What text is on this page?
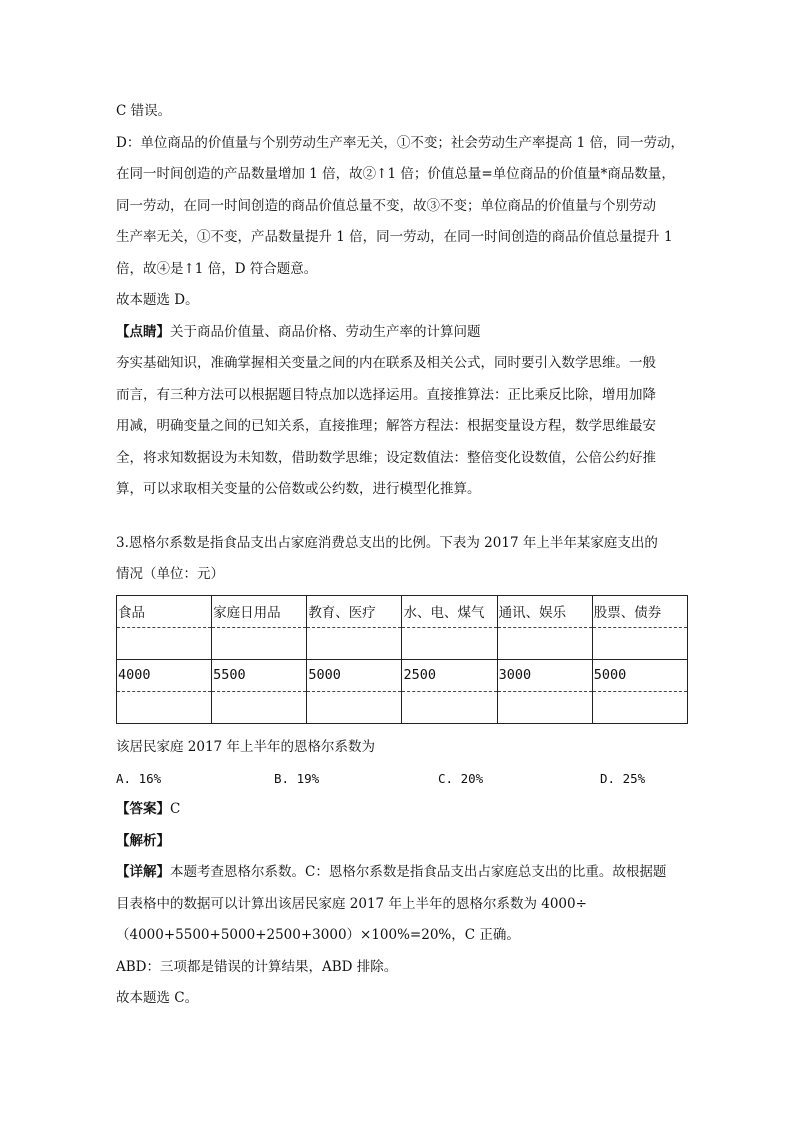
C 错误。
D：单位商品的价值量与个别劳动生产率无关，①不变；社会劳动生产率提高 1 倍，同一劳动，
在同一时间创造的产品数量增加 1 倍，故②↑1 倍；价值总量=单位商品的价值量*商品数量，
同一劳动，在同一时间创造的商品价值总量不变，故③不变；单位商品的价值量与个别劳动
生产率无关，①不变，产品数量提升 1 倍，同一劳动，在同一时间创造的商品价值总量提升 1
倍，故④是↑1 倍，D 符合题意。
故本题选 D。
【点睛】关于商品价值量、商品价格、劳动生产率的计算问题
夯实基础知识，准确掌握相关变量之间的内在联系及相关公式，同时要引入数学思维。一般
而言，有三种方法可以根据题目特点加以选择运用。直接推算法：正比乘反比除，增用加降
用减，明确变量之间的已知关系，直接推理；解答方程法：根据变量设方程，数学思维最安
全，将求知数据设为未知数，借助数学思维；设定数值法：整倍变化设数值，公倍公约好推
算，可以求取相关变量的公倍数或公约数，进行模型化推算。
3.恩格尔系数是指食品支出占家庭消费总支出的比例。下表为 2017 年上半年某家庭支出的
情况（单位：元）
食品	家庭日用品	教育、医疗	水、电、煤气	通讯、娱乐	股票、债券

4000	5500	5000	2500	3000	5000

该居民家庭 2017 年上半年的恩格尔系数为
A. 16%	B. 19%	C. 20%	D. 25%
【答案】C
【解析】
【详解】本题考查恩格尔系数。C：恩格尔系数是指食品支出占家庭总支出的比重。故根据题
目表格中的数据可以计算出该居民家庭 2017 年上半年的恩格尔系数为 4000÷
（4000+5500+5000+2500+3000）×100%=20%，C 正确。
ABD：三项都是错误的计算结果，ABD 排除。
故本题选 C。
